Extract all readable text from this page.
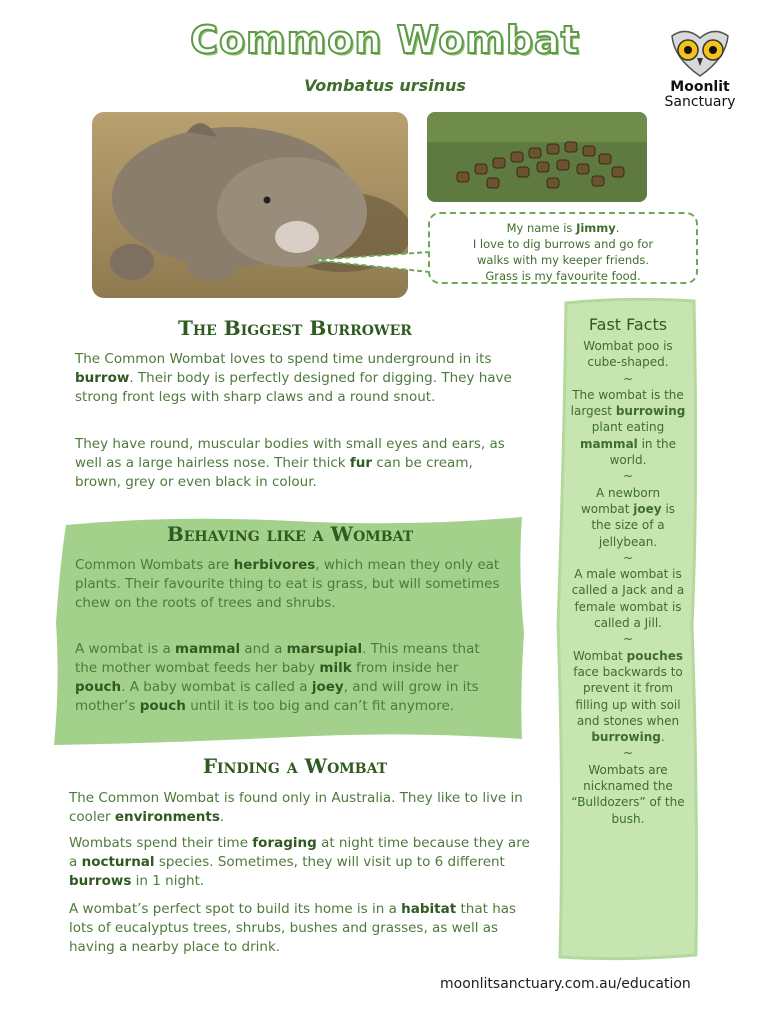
Common Wombat
Vombatus ursinus	Moonlit
Sanctuary
My name is Jimmy.
I love to dig burrows and go for
walks with my keeper friends.
Grass is my favourite food.
The Biggest Burrower
The Common Wombat loves to spend time underground in its burrow. Their body is perfectly designed for digging. They have strong front legs with sharp claws and a round snout.
They have round, muscular bodies with small eyes and ears, as well as a large hairless nose. Their thick fur can be cream, brown, grey or even black in colour.
Behaving like a Wombat
Common Wombats are herbivores, which mean they only eat plants. Their favourite thing to eat is grass, but will sometimes chew on the roots of trees and shrubs.
A wombat is a mammal and a marsupial. This means that the mother wombat feeds her baby milk from inside her pouch. A baby wombat is called a joey, and will grow in its mother’s pouch until it is too big and can’t fit anymore.
Finding a Wombat
The Common Wombat is found only in Australia. They like to live in cooler environments.
Wombats spend their time foraging at night time because they are a nocturnal species. Sometimes, they will visit up to 6 different burrows in 1 night.
A wombat’s perfect spot to build its home is in a habitat that has lots of eucalyptus trees, shrubs, bushes and grasses, as well as having a nearby place to drink.
Fast Facts
Wombat poo is cube-shaped.
~
The wombat is the largest burrowing plant eating mammal in the world.
~
A newborn wombat joey is the size of a jellybean.
~
A male wombat is called a Jack and a female wombat is called a Jill.
~
Wombat pouches face backwards to prevent it from filling up with soil and stones when burrowing.
~
Wombats are nicknamed the “Bulldozers” of the bush.
moonlitsanctuary.com.au/education
